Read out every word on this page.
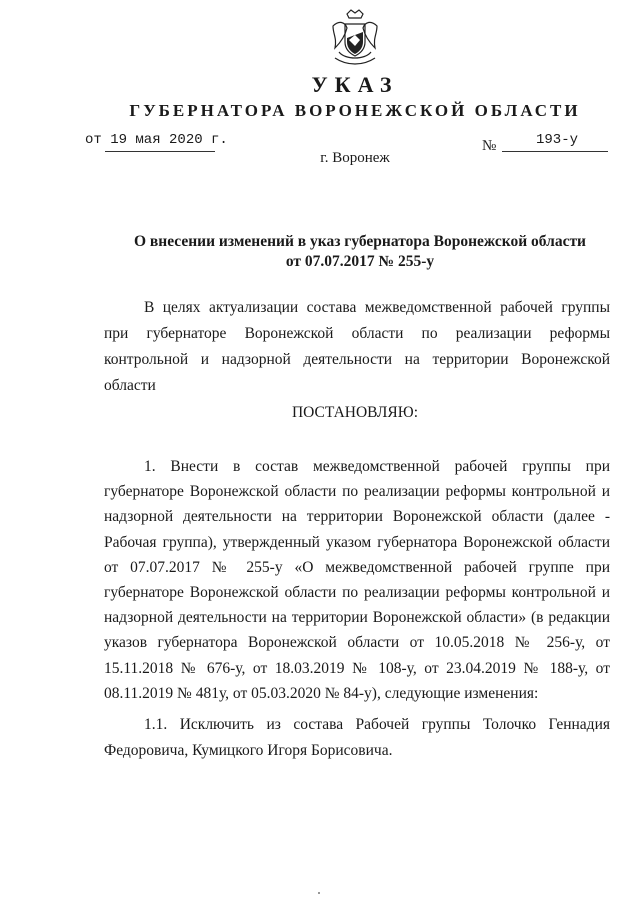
УКАЗ
ГУБЕРНАТОРА ВОРОНЕЖСКОЙ ОБЛАСТИ
от 19 мая 2020 г.	№	193-у
г. Воронеж
О внесении изменений в указ губернатора Воронежской области
от 07.07.2017 № 255-у
В целях актуализации состава межведомственной рабочей группы при губернаторе Воронежской области по реализации реформы контрольной и надзорной деятельности на территории Воронежской области
ПОСТАНОВЛЯЮ:
1. Внести в состав межведомственной рабочей группы при губернаторе Воронежской области по реализации реформы контрольной и надзорной деятельности на территории Воронежской области (далее - Рабочая группа), утвержденный указом губернатора Воронежской области от 07.07.2017 № 255-у «О межведомственной рабочей группе при губернаторе Воронежской области по реализации реформы контрольной и надзорной деятельности на территории Воронежской области» (в редакции указов губернатора Воронежской области от 10.05.2018 № 256-у, от 15.11.2018 № 676-у, от 18.03.2019 № 108-у, от 23.04.2019 № 188-у, от 08.11.2019 № 481у, от 05.03.2020 № 84-у), следующие изменения:
1.1. Исключить из состава Рабочей группы Толочко Геннадия Федоровича, Кумицкого Игоря Борисовича.
